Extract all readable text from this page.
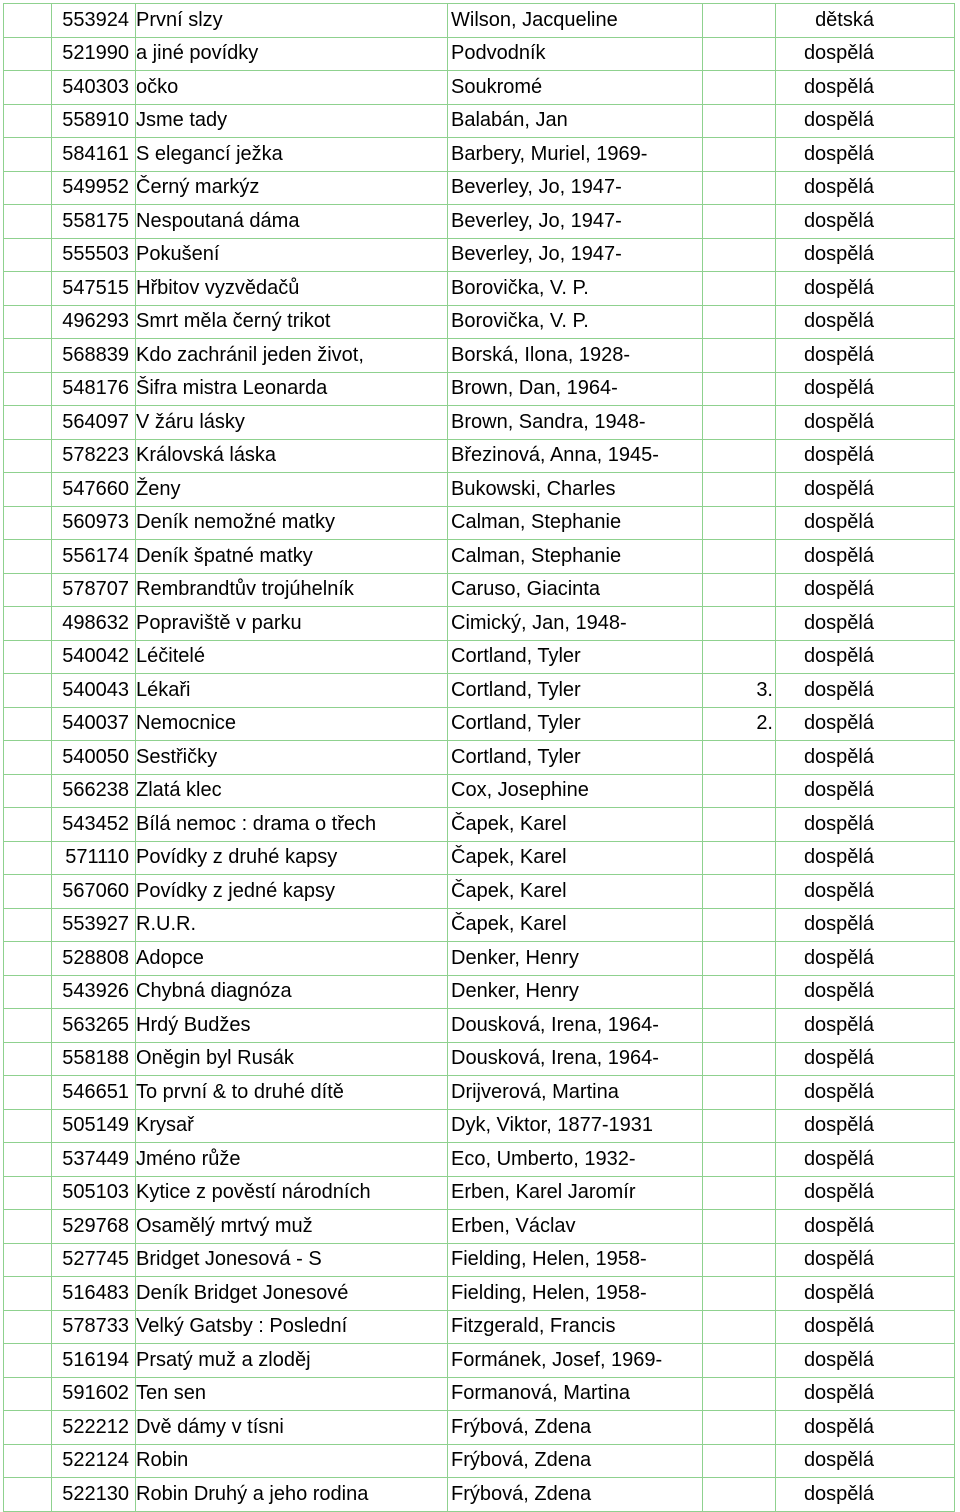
	553924	První slzy	Wilson, Jacqueline		dětská
	521990	a jiné povídky	Podvodník		dospělá
	540303	očko	Soukromé		dospělá
	558910	Jsme tady	Balabán, Jan		dospělá
	584161	S elegancí ježka	Barbery, Muriel, 1969-		dospělá
	549952	Černý markýz	Beverley, Jo, 1947-		dospělá
	558175	Nespoutaná dáma	Beverley, Jo, 1947-		dospělá
	555503	Pokušení	Beverley, Jo, 1947-		dospělá
	547515	Hřbitov vyzvědačů	Borovička, V. P.		dospělá
	496293	Smrt měla černý trikot	Borovička, V. P.		dospělá
	568839	Kdo zachránil jeden život,	Borská, Ilona, 1928-		dospělá
	548176	Šifra mistra Leonarda	Brown, Dan, 1964-		dospělá
	564097	V žáru lásky	Brown, Sandra, 1948-		dospělá
	578223	Královská láska	Březinová, Anna, 1945-		dospělá
	547660	Ženy	Bukowski, Charles		dospělá
	560973	Deník nemožné matky	Calman, Stephanie		dospělá
	556174	Deník špatné matky	Calman, Stephanie		dospělá
	578707	Rembrandtův trojúhelník	Caruso, Giacinta		dospělá
	498632	Popraviště v parku	Cimický, Jan, 1948-		dospělá
	540042	Léčitelé	Cortland, Tyler		dospělá
	540043	Lékaři	Cortland, Tyler	3.	dospělá
	540037	Nemocnice	Cortland, Tyler	2.	dospělá
	540050	Sestřičky	Cortland, Tyler		dospělá
	566238	Zlatá klec	Cox, Josephine		dospělá
	543452	Bílá nemoc : drama o třech	Čapek, Karel		dospělá
	571110	Povídky z druhé kapsy	Čapek, Karel		dospělá
	567060	Povídky z jedné kapsy	Čapek, Karel		dospělá
	553927	R.U.R.	Čapek, Karel		dospělá
	528808	Adopce	Denker, Henry		dospělá
	543926	Chybná diagnóza	Denker, Henry		dospělá
	563265	Hrdý Budžes	Dousková, Irena, 1964-		dospělá
	558188	Oněgin byl Rusák	Dousková, Irena, 1964-		dospělá
	546651	To první & to druhé dítě	Drijverová, Martina		dospělá
	505149	Krysař	Dyk, Viktor, 1877-1931		dospělá
	537449	Jméno růže	Eco, Umberto, 1932-		dospělá
	505103	Kytice z pověstí národních	Erben, Karel Jaromír		dospělá
	529768	Osamělý mrtvý muž	Erben, Václav		dospělá
	527745	Bridget Jonesová - S	Fielding, Helen, 1958-		dospělá
	516483	Deník Bridget Jonesové	Fielding, Helen, 1958-		dospělá
	578733	Velký Gatsby : Poslední	Fitzgerald, Francis		dospělá
	516194	Prsatý muž a zloděj	Formánek, Josef, 1969-		dospělá
	591602	Ten sen	Formanová, Martina		dospělá
	522212	Dvě dámy v tísni	Frýbová, Zdena		dospělá
	522124	Robin	Frýbová, Zdena		dospělá
	522130	Robin Druhý a jeho rodina	Frýbová, Zdena		dospělá
